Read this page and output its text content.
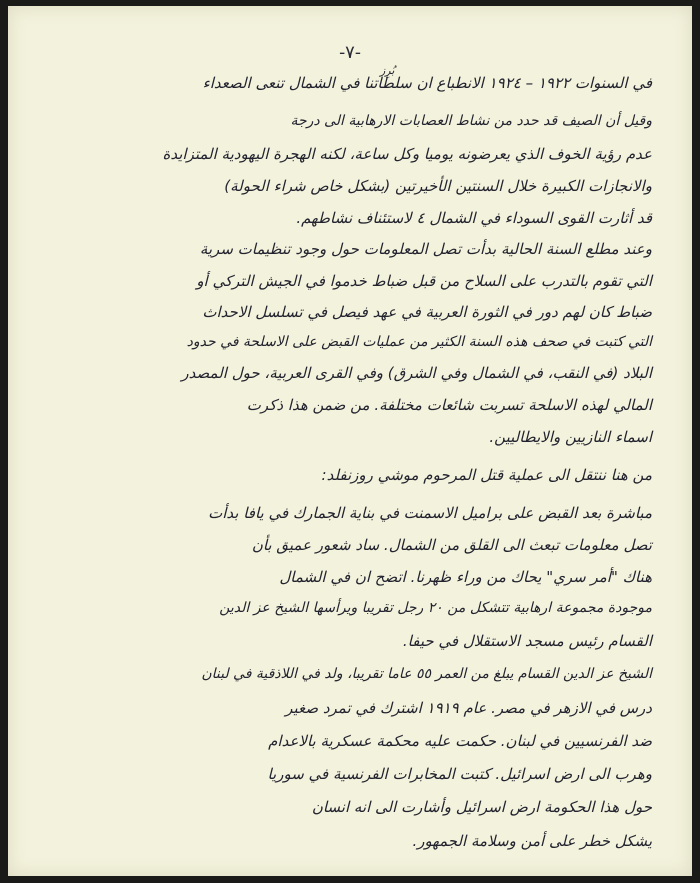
-٧-
بُرِز
في السنوات ١٩٢٢ – ١٩٢٤ الانطباع ان سلطاتنا في الشمال تنعى الصعداء
وقيل أن الصيف قد حدد من نشاط العصابات الارهابية الى درجة
عدم رؤية الخوف الذي يعرضونه يوميا وكل ساعة، لكنه الهجرة اليهودية المتزايدة
والانجازات الكبيرة خلال السنتين الأخيرتين (بشكل خاص شراء الحولة)
قد أثارت القوى السوداء في الشمال ٤ لاستئناف نشاطهم.
وعند مطلع السنة الحالية بدأت تصل المعلومات حول وجود تنظيمات سرية
التي تقوم بالتدرب على السلاح من قبل ضباط خدموا في الجيش التركي أو
ضباط كان لهم دور في الثورة العربية في عهد فيصل في تسلسل الاحداث
التي كتبت في صحف هذه السنة الكثير من عمليات القبض على الاسلحة في حدود
البلاد (في النقب، في الشمال وفي الشرق) وفي القرى العربية، حول المصدر
المالي لهذه الاسلحة تسربت شائعات مختلفة. من ضمن هذا ذكرت
اسماء النازيين والايطاليين.
من هنا ننتقل الى عملية قتل المرحوم موشي روزنفلد:
مباشرة بعد القبض على براميل الاسمنت في بناية الجمارك في يافا بدأت
تصل معلومات تبعث الى القلق من الشمال. ساد شعور عميق بأن
هناك "أمر سري" يحاك من وراء ظهرنا. اتضح ان في الشمال
موجودة مجموعة ارهابية تتشكل من ٢٠ رجل تقريبا ويرأسها الشيخ عز الدين
القسام رئيس مسجد الاستقلال في حيفا.
الشيخ عز الدين القسام يبلغ من العمر ٥٥ عاما تقريبا، ولد في اللاذقية في لبنان
درس في الازهر في مصر. عام ١٩١٩ اشترك في تمرد صغير
ضد الفرنسيين في لبنان. حكمت عليه محكمة عسكرية بالاعدام
وهرب الى ارض اسرائيل. كتبت المخابرات الفرنسية في سوريا
حول هذا الحكومة ارض اسرائيل وأشارت الى انه انسان
يشكل خطر على أمن وسلامة الجمهور.
